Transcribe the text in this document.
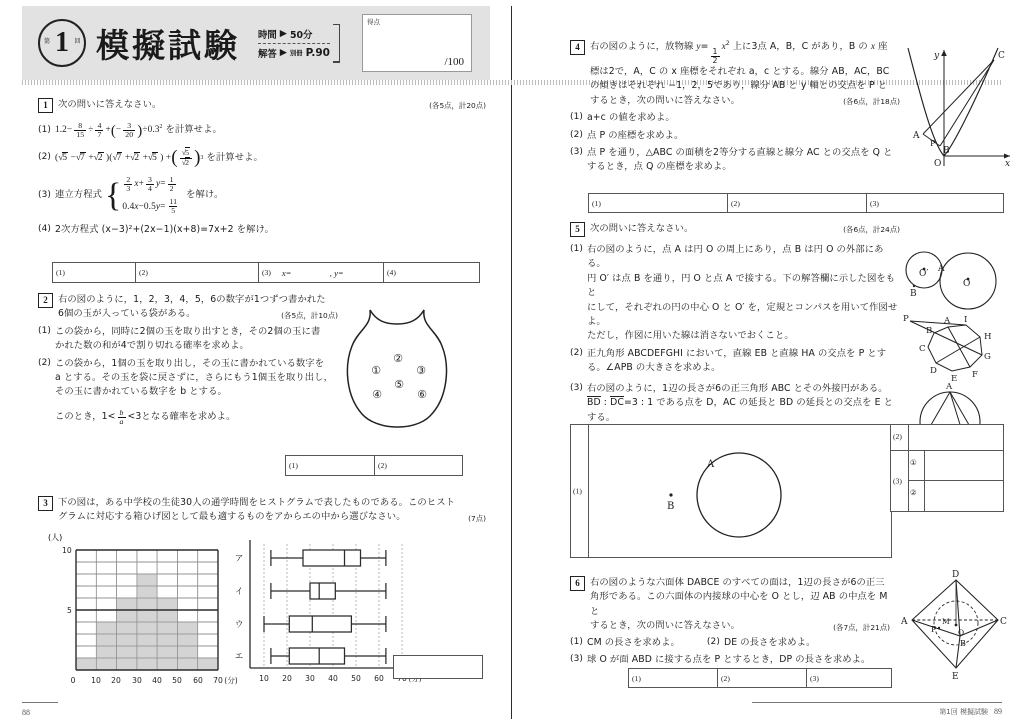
第 1 回 模擬試験 時間 ▶ 50分
解答 ▶ 別冊 P.90
得点
/100
1	次の問いに答えなさい。	(各5点，計20点)
(1) $1.2- \frac{8}{15} \div \frac{4}{7}$ + ( − $\frac{3}{20}$ ) $\div 0.3^2$ を計算せよ。
(2) (√5 −√7 +√2 )(√7 +√2 +√5 ) + ( $\frac{√5}{√2}$ ) 3 を計算せよ。
(3) 連立方程式 { $\frac{2}{3}$ $x + \frac{3}{4}$ $y = \frac{1}{2}$
$0.4x-0.5y= \frac{11}{5}$
を解け。
(4) 2次方程式 (x−3)²+(2x−1)(x+8)=7x+2 を解け。
(1)	(2)	(3)	x=	, y=	(4)
2	右の図のように，1，2，3，4，5，6の数字が1つずつ書かれた
6個の玉が入っている袋がある。	(各5点，計10点)
(1) この袋から，同時に2個の玉を取り出すとき，その2個の玉に書
かれた数の和が4で割り切れる確率を求めよ。
(2) この袋から，1個の玉を取り出し，その玉に書かれている数字を
a とする。その玉を袋に戻さずに，さらにもう1個玉を取り出し，
その玉に書かれている数字を b とする。
このとき，$1< \frac{b}{a} <3$となる確率を求めよ。
①
②
③
④
⑤
⑥
(1)	(2)
3	下の図は，ある中学校の生徒30人の通学時間をヒストグラムで表したものである。このヒスト
グラムに対応する箱ひげ図として最も適するものをアからエの中から選びなさい。	(7点)
(人)
10
5
0 10 20 30 40 50 60 70 (分)
ア
イ
ウ
エ
10 20 30 40 50 60
88
4	右の図のように，放物線 y=
$\frac{1}{2}$
$x^2$ 上に3点 A，B，C があり，B の x 座
標は2で，A，C の x 座標をそれぞれ a，c とする。線分 AB，AC，BC
の傾きはそれぞれ −1，2，5であり，線分 AB と y 軸との交点を P と
するとき，次の問いに答えなさい。	(各6点，計18点)
(1) a+c の値を求めよ。
(2) 点 P の座標を求めよ。
(3) 点 P を通り，△ABC の面積を2等分する直線と線分 AC との交点を Q と
するとき，点 Q の座標を求めよ。
C
A
B
P
O
y
x
(1)	(2)	(3)
5	次の問いに答えなさい。	(各6点，計24点)
(1) 右の図のように，点 A は円 O の周上にあり，点 B は円 O の外部にある。
円 O′ は点 B を通り，円 O と点 A で接する。下の解答欄に示した図をもと
にして，それぞれの円の中心 O と O′ を，定規とコンパスを用いて作図せよ。
ただし，作図に用いた線は消さないでおくこと。
(2) 正九角形 ABCDEFGHI において，直線 EB と直線 HA の交点を P とす
る。∠APB の大きさを求めよ。
O′
B
A
O
P	A I
H
B
G
C
F
D
E
(3) 右の図のように，1辺の長さが6の正三角形 ABC とその外接円がある。
BD : DC=3 : 1 である点を D，AC の延長と BD の延長との交点を E とする。

A
(1)
B
A
(2)
(3)
①
②
6	右の図のような六面体 DABCE のすべての面は，1辺の長さが6の正三
角形である。この六面体の内接球の中心を O とし，辺 AB の中点を M と
するとき，次の問いに答えなさい。	(各7点，計21点)
(1) CM の長さを求めよ。	(2) DE の長さを求めよ。
(3) 球 O が面 ABD に接する点を P とするとき，DP の長さを求めよ。
D
A	C
E
B
P	O
M
(1)	(2)	(3)
第1回 模擬試験 89
